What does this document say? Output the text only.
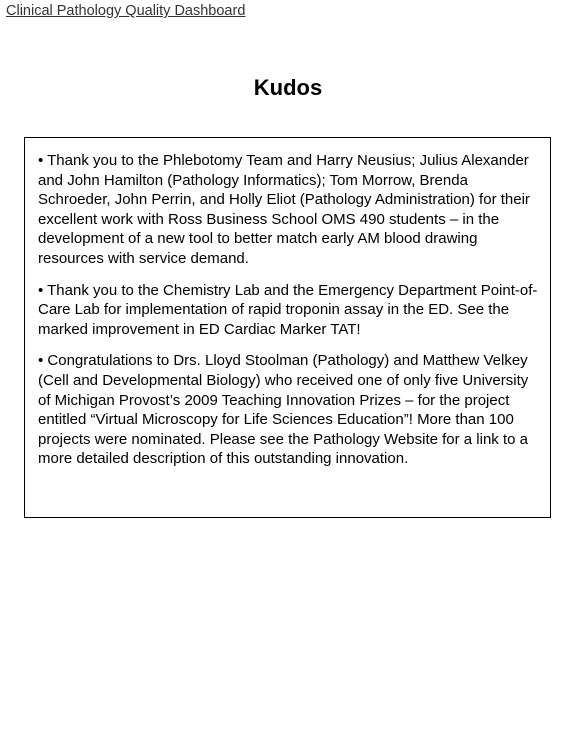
Clinical Pathology Quality Dashboard
Kudos

• Thank you to the Phlebotomy Team and Harry Neusius; Julius Alexander and John Hamilton (Pathology Informatics); Tom Morrow, Brenda Schroeder, John Perrin, and Holly Eliot (Pathology Administration) for their excellent work with Ross Business School OMS 490 students – in the development of a new tool to better match early AM blood drawing resources with service demand.

• Thank you to the Chemistry Lab and the Emergency Department Point-of-Care Lab for implementation of rapid troponin assay in the ED. See the marked improvement in ED Cardiac Marker TAT!

• Congratulations to Drs. Lloyd Stoolman (Pathology) and Matthew Velkey (Cell and Developmental Biology) who received one of only five University of Michigan Provost’s 2009 Teaching Innovation Prizes – for the project entitled “Virtual Microscopy for Life Sciences Education”! More than 100 projects were nominated. Please see the Pathology Website for a link to a more detailed description of this outstanding innovation.
